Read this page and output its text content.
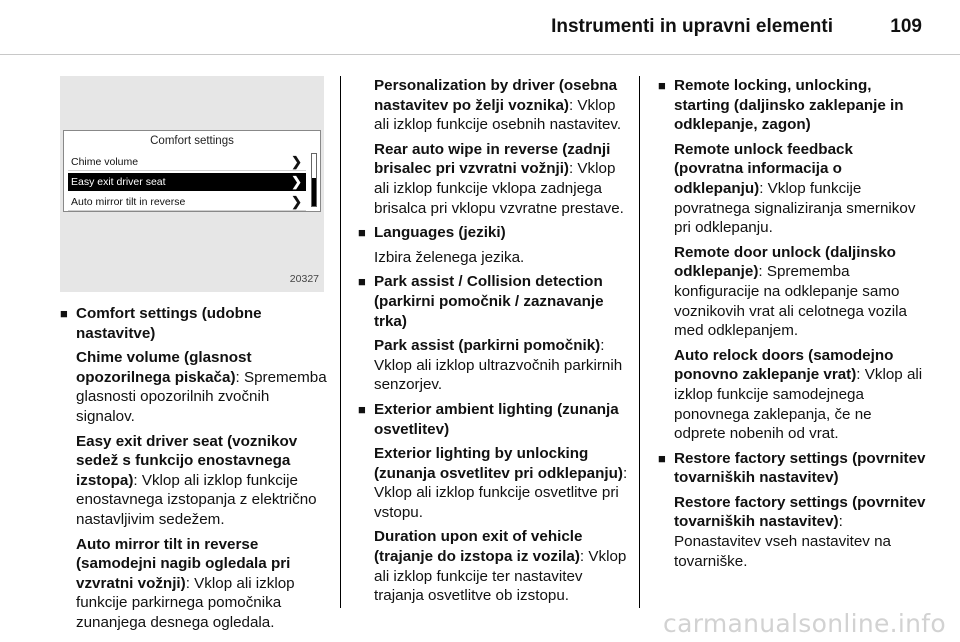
Instrumenti in upravni elementi	109
Comfort settings
Chime volume	❯
Easy exit driver seat	❯
Auto mirror tilt in reverse	❯
20327
■ Comfort settings (udobne nastavitve)
Chime volume (glasnost opozorilnega piskača): Sprememba glasnosti opozorilnih zvočnih signalov.
Easy exit driver seat (voznikov sedež s funkcijo enostavnega izstopa): Vklop ali izklop funkcije enostavnega izstopanja z električno nastavljivim sedežem.
Auto mirror tilt in reverse (samodejni nagib ogledala pri vzvratni vožnji): Vklop ali izklop funkcije parkirnega pomočnika zunanjega desnega ogledala.
Personalization by driver (osebna nastavitev po želji voznika): Vklop ali izklop funkcije osebnih nastavitev.
Rear auto wipe in reverse (zadnji brisalec pri vzvratni vožnji): Vklop ali izklop funkcije vklopa zadnjega brisalca pri vklopu vzvratne prestave.
■ Languages (jeziki)
Izbira želenega jezika.
■ Park assist / Collision detection (parkirni pomočnik / zaznavanje trka)
Park assist (parkirni pomočnik): Vklop ali izklop ultrazvočnih parkirnih senzorjev.
■ Exterior ambient lighting (zunanja osvetlitev)
Exterior lighting by unlocking (zunanja osvetlitev pri odklepanju): Vklop ali izklop funkcije osvetlitve pri vstopu.
Duration upon exit of vehicle (trajanje do izstopa iz vozila): Vklop ali izklop funkcije ter nastavitev trajanja osvetlitve ob izstopu.
■ Remote locking, unlocking, starting (daljinsko zaklepanje in odklepanje, zagon)
Remote unlock feedback (povratna informacija o odklepanju): Vklop funkcije povratnega signaliziranja smernikov pri odklepanju.
Remote door unlock (daljinsko odklepanje): Sprememba konfiguracije na odklepanje samo voznikovih vrat ali celotnega vozila med odklepanjem.
Auto relock doors (samodejno ponovno zaklepanje vrat): Vklop ali izklop funkcije samodejnega ponovnega zaklepanja, če ne odprete nobenih od vrat.
■ Restore factory settings (povrnitev tovarniških nastavitev)
Restore factory settings (povrnitev tovarniških nastavitev): Ponastavitev vseh nastavitev na tovarniške.
carmanualsonline.info
